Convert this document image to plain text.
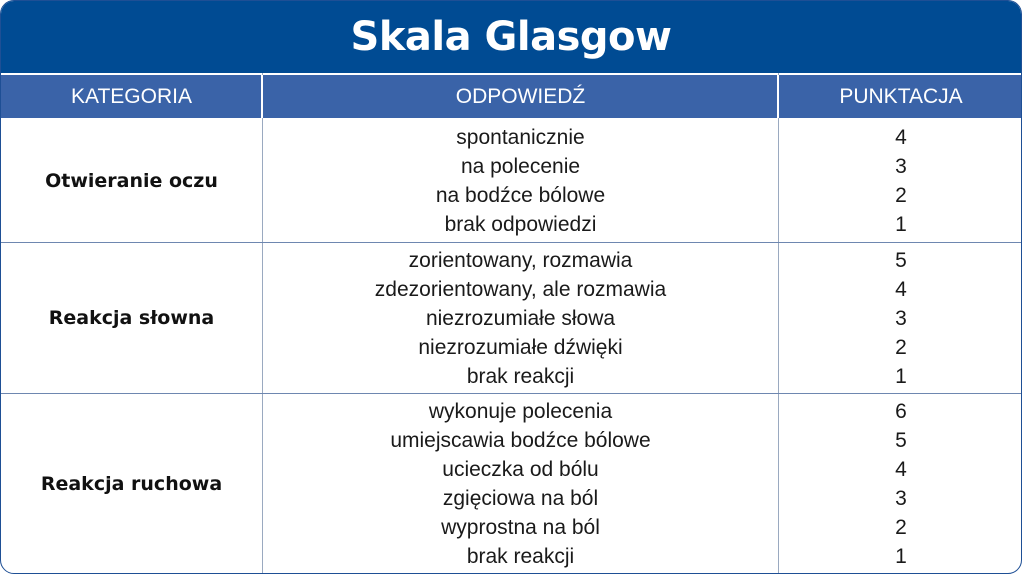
Skala Glasgow
KATEGORIA	ODPOWIEDŹ	PUNKTACJA
Otwieranie oczu
spontanicznie
na polecenie
na bodźce bólowe
brak odpowiedzi
4
3
2
1
Reakcja słowna
zorientowany, rozmawia
zdezorientowany, ale rozmawia
niezrozumiałe słowa
niezrozumiałe dźwięki
brak reakcji
5
4
3
2
1
Reakcja ruchowa
wykonuje polecenia
umiejscawia bodźce bólowe
ucieczka od bólu
zgięciowa na ból
wyprostna na ból
brak reakcji
6
5
4
3
2
1
